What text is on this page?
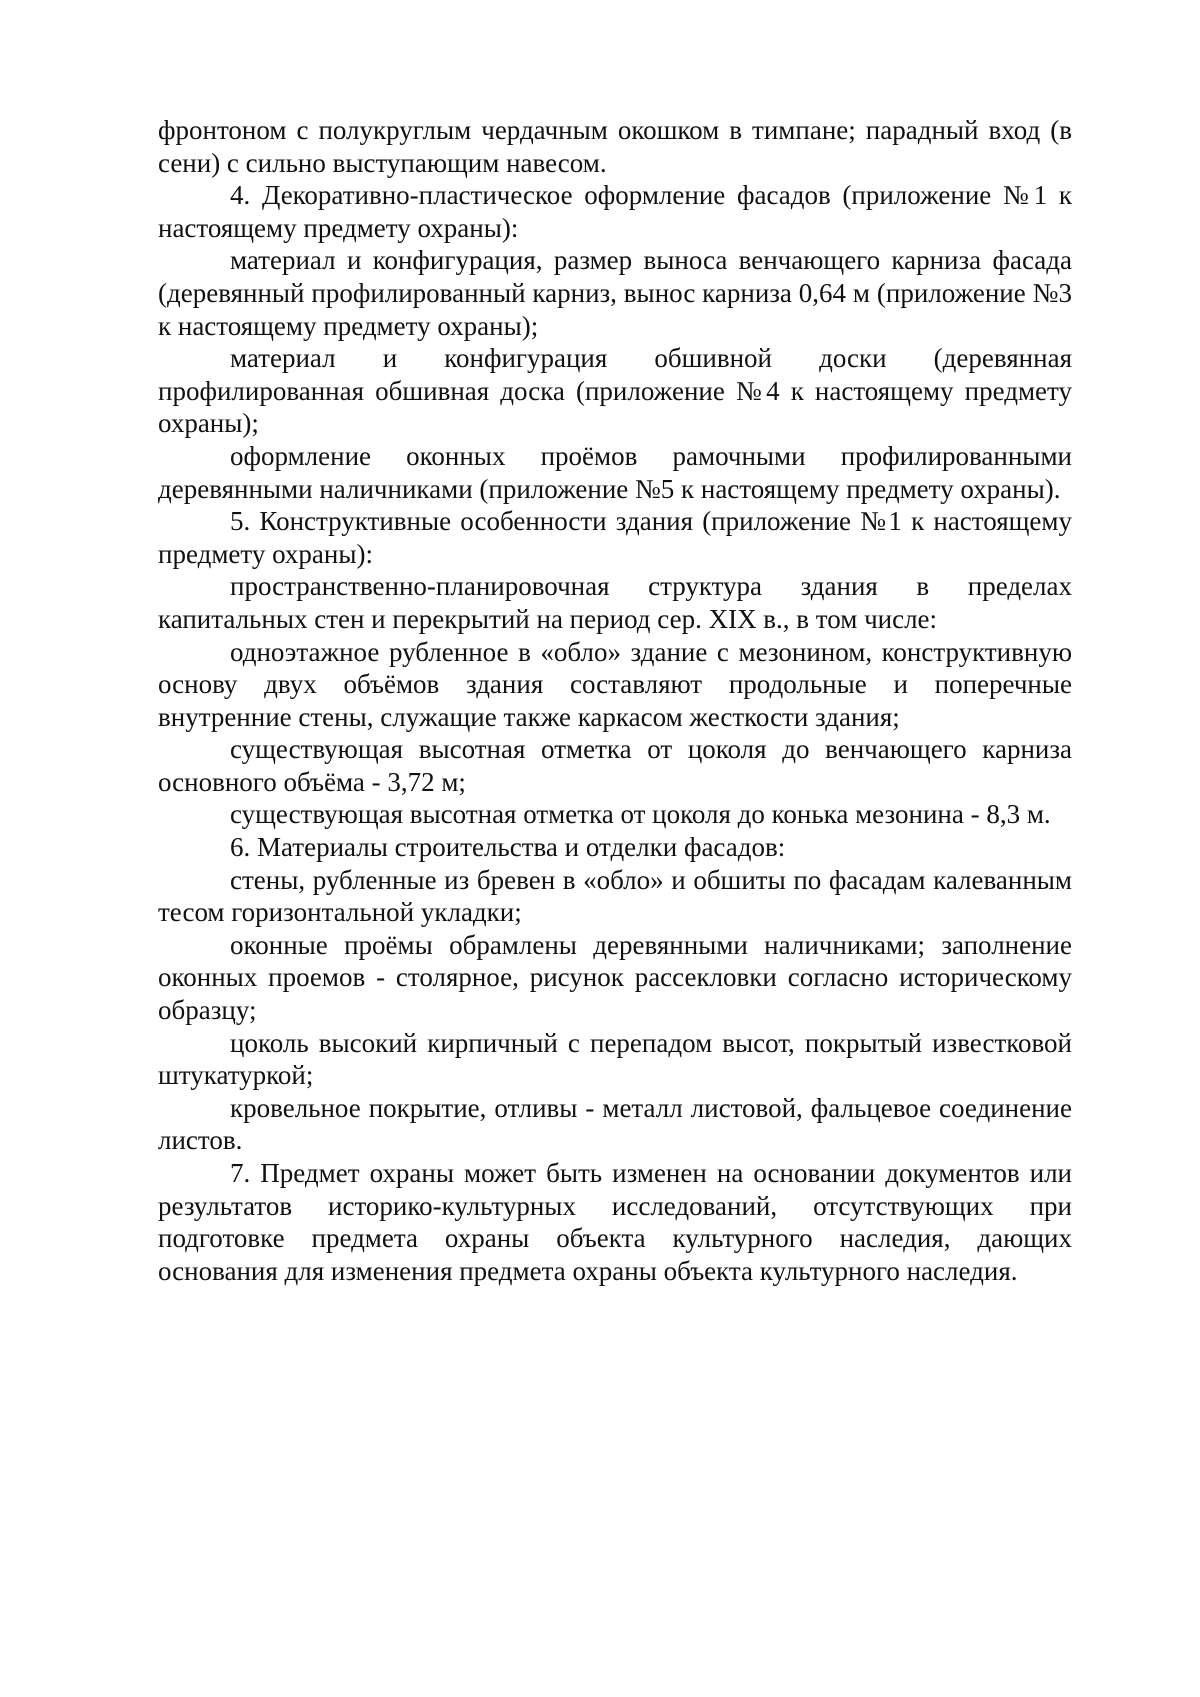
фронтоном с полукруглым чердачным окошком в тимпане; парадный вход (в сени) с сильно выступающим навесом.

4. Декоративно-пластическое оформление фасадов (приложение №1 к настоящему предмету охраны):

материал и конфигурация, размер выноса венчающего карниза фасада (деревянный профилированный карниз, вынос карниза 0,64 м (приложение №3 к настоящему предмету охраны);

материал и конфигурация обшивной доски (деревянная профилированная обшивная доска (приложение №4 к настоящему предмету охраны);

оформление оконных проёмов рамочными профилированными деревянными наличниками (приложение №5 к настоящему предмету охраны).

5. Конструктивные особенности здания (приложение №1 к настоящему предмету охраны):

пространственно-планировочная структура здания в пределах капитальных стен и перекрытий на период сер. XIX в., в том числе:

одноэтажное рубленное в «обло» здание с мезонином, конструктивную основу двух объёмов здания составляют продольные и поперечные внутренние стены, служащие также каркасом жесткости здания;

существующая высотная отметка от цоколя до венчающего карниза основного объёма - 3,72 м;

существующая высотная отметка от цоколя до конька мезонина - 8,3 м.

6. Материалы строительства и отделки фасадов:

стены, рубленные из бревен в «обло» и обшиты по фасадам калеванным тесом горизонтальной укладки;

оконные проёмы обрамлены деревянными наличниками; заполнение оконных проемов - столярное, рисунок рассекловки согласно историческому образцу;

цоколь высокий кирпичный с перепадом высот, покрытый известковой штукатуркой;

кровельное покрытие, отливы - металл листовой, фальцевое соединение листов.

7. Предмет охраны может быть изменен на основании документов или результатов историко-культурных исследований, отсутствующих при подготовке предмета охраны объекта культурного наследия, дающих основания для изменения предмета охраны объекта культурного наследия.
